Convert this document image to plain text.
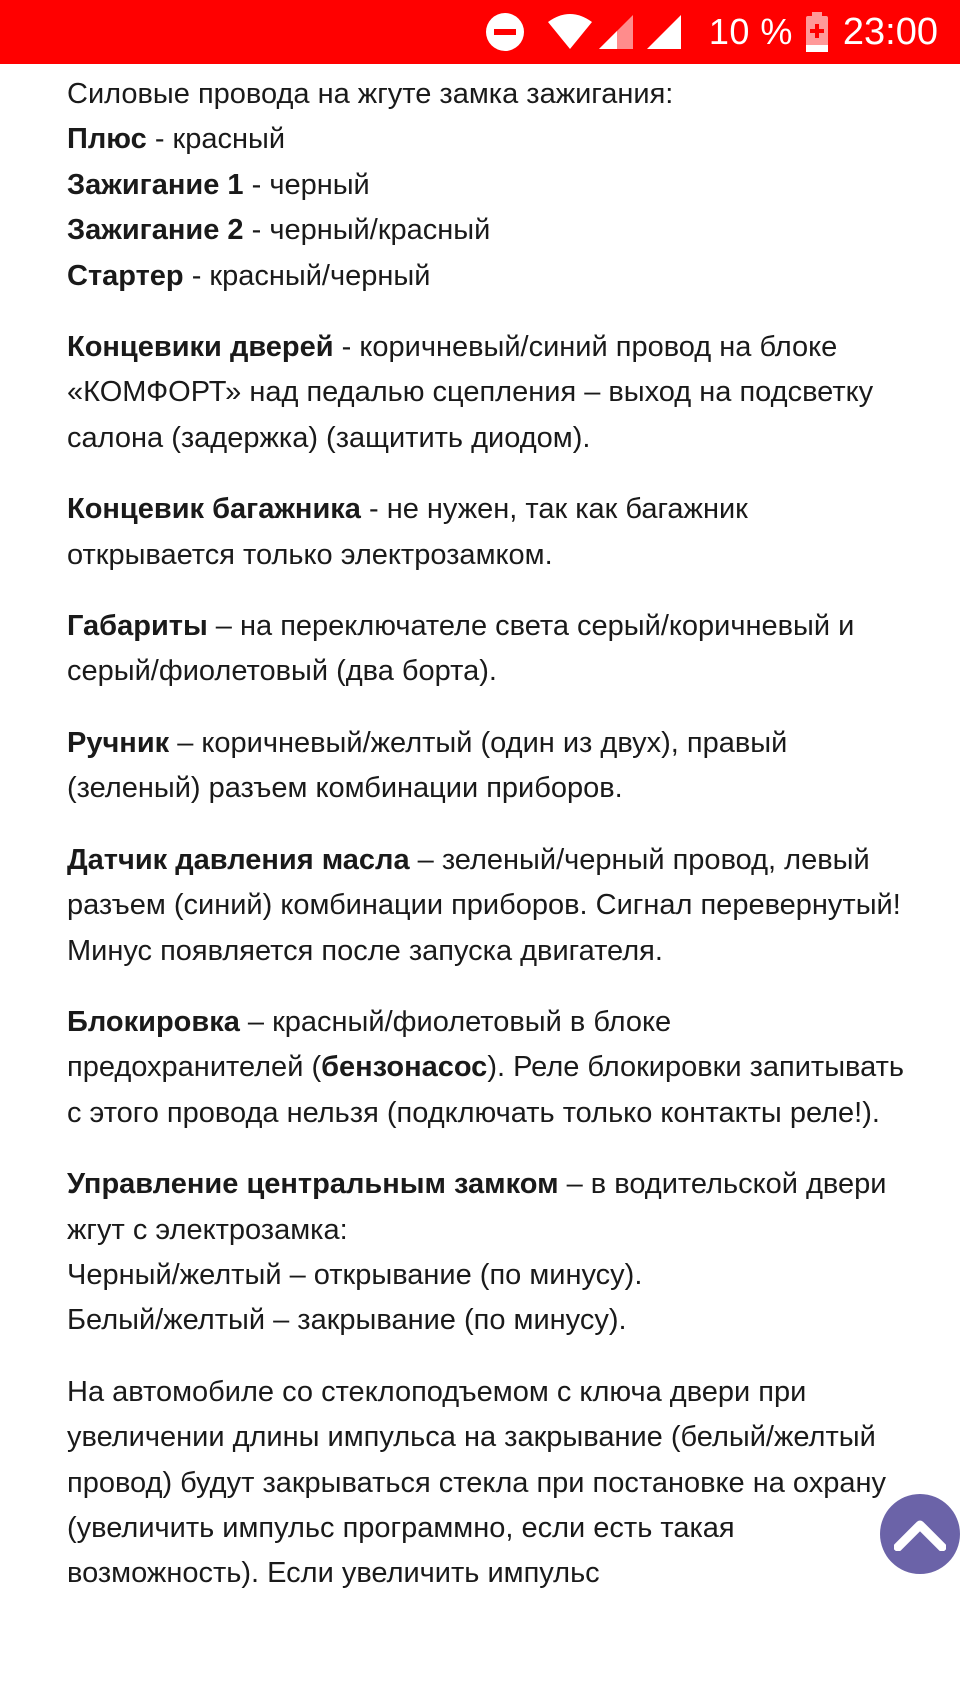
10 % 23:00

Силовые провода на жгуте замка зажигания:
Плюс - красный
Зажигание 1 - черный
Зажигание 2 - черный/красный
Стартер - красный/черный

Концевики дверей - коричневый/синий провод на блоке «КОМФОРТ» над педалью сцепления – выход на подсветку салона (задержка) (защитить диодом).

Концевик багажника - не нужен, так как багажник открывается только электрозамком.

Габариты – на переключателе света серый/коричневый и серый/фиолетовый (два борта).

Ручник – коричневый/желтый (один из двух), правый (зеленый) разъем комбинации приборов.

Датчик давления масла – зеленый/черный провод, левый разъем (синий) комбинации приборов. Сигнал перевернутый! Минус появляется после запуска двигателя.

Блокировка – красный/фиолетовый в блоке предохранителей (бензонасос). Реле блокировки запитывать с этого провода нельзя (подключать только контакты реле!).

Управление центральным замком – в водительской двери жгут с электрозамка:
Черный/желтый – открывание (по минусу).
Белый/желтый – закрывание (по минусу).

На автомобиле со стеклоподъемом с ключа двери при увеличении длины импульса на закрывание (белый/желтый провод) будут закрываться стекла при постановке на охрану (увеличить импульс программно, если есть такая возможность). Если увеличить импульс
